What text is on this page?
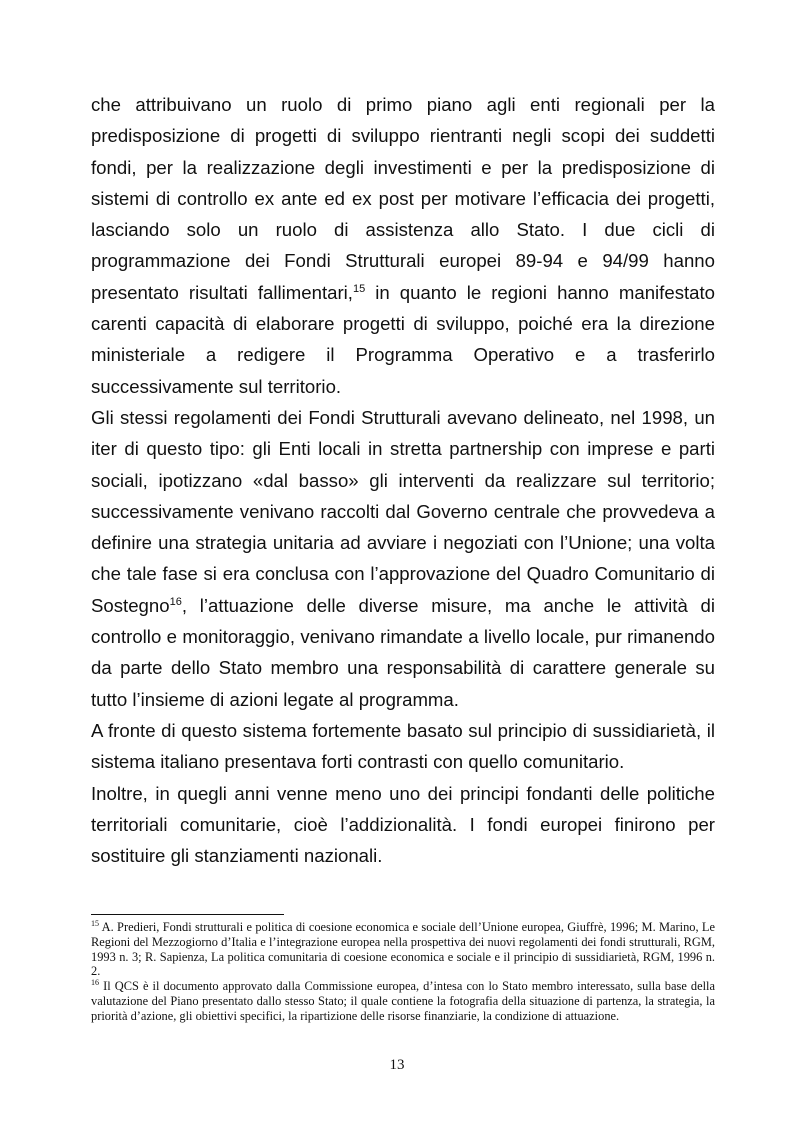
che attribuivano un ruolo di primo piano agli enti regionali per la predisposizione di progetti di sviluppo rientranti negli scopi dei suddetti fondi, per la realizzazione degli investimenti e per la predisposizione di sistemi di controllo ex ante ed ex post per motivare l’efficacia dei progetti, lasciando solo un ruolo di assistenza allo Stato. I due cicli di programmazione dei Fondi Strutturali europei 89-94 e 94/99 hanno presentato risultati fallimentari,$^{15}$ in quanto le regioni hanno manifestato carenti capacità di elaborare progetti di sviluppo, poiché era la direzione ministeriale a redigere il Programma Operativo e a trasferirlo successivamente sul territorio.

Gli stessi regolamenti dei Fondi Strutturali avevano delineato, nel 1998, un iter di questo tipo: gli Enti locali in stretta partnership con imprese e parti sociali, ipotizzano «dal basso» gli interventi da realizzare sul territorio; successivamente venivano raccolti dal Governo centrale che provvedeva a definire una strategia unitaria ad avviare i negoziati con l’Unione; una volta che tale fase si era conclusa con l’approvazione del Quadro Comunitario di Sostegno$^{16}$, l’attuazione delle diverse misure, ma anche le attività di controllo e monitoraggio, venivano rimandate a livello locale, pur rimanendo da parte dello Stato membro una responsabilità di carattere generale su tutto l’insieme di azioni legate al programma.

A fronte di questo sistema fortemente basato sul principio di sussidiarietà, il sistema italiano presentava forti contrasti con quello comunitario.

Inoltre, in quegli anni venne meno uno dei principi fondanti delle politiche territoriali comunitarie, cioè l’addizionalità. I fondi europei finirono per sostituire gli stanziamenti nazionali.

$^{15}$ A. Predieri, Fondi strutturali e politica di coesione economica e sociale dell’Unione europea, Giuffrè, 1996; M. Marino, Le Regioni del Mezzogiorno d’Italia e l’integrazione europea nella prospettiva dei nuovi regolamenti dei fondi strutturali, RGM, 1993 n. 3; R. Sapienza, La politica comunitaria di coesione economica e sociale e il principio di sussidiarietà, RGM, 1996 n. 2.

$^{16}$ Il QCS è il documento approvato dalla Commissione europea, d’intesa con lo Stato membro interessato, sulla base della valutazione del Piano presentato dallo stesso Stato; il quale contiene la fotografia della situazione di partenza, la strategia, la priorità d’azione, gli obiettivi specifici, la ripartizione delle risorse finanziarie, la condizione di attuazione.

13
